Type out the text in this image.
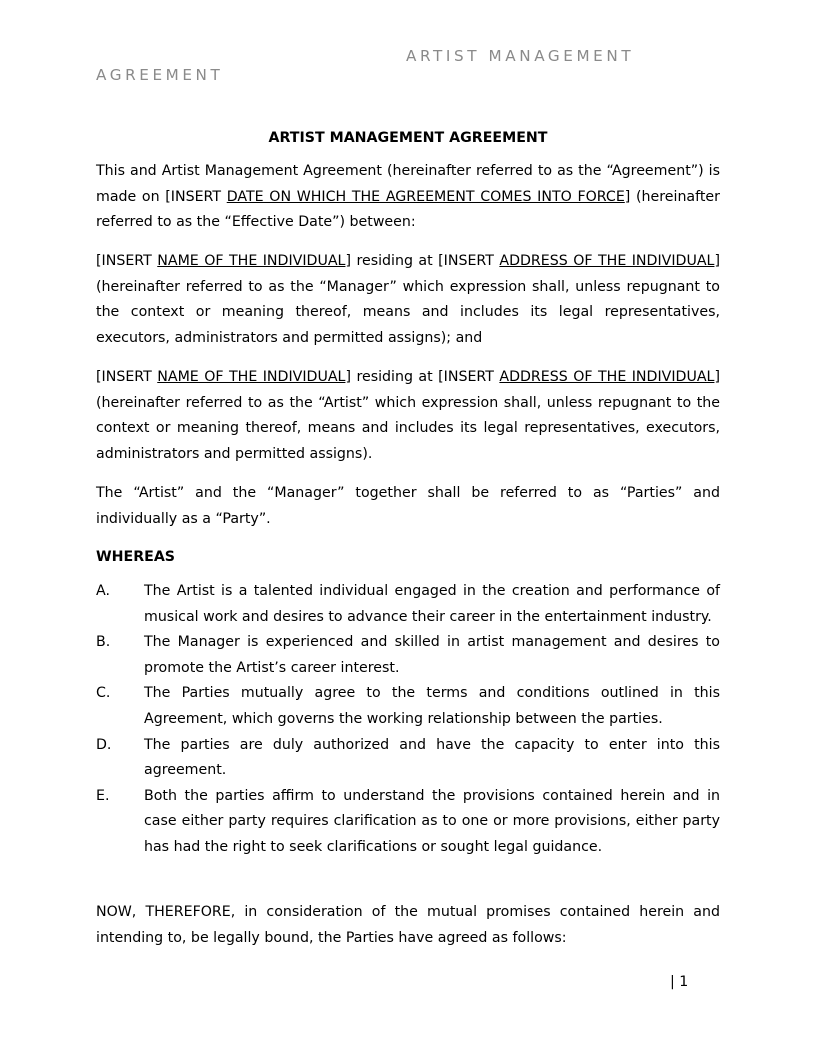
ARTIST MANAGEMENT
AGREEMENT
ARTIST MANAGEMENT AGREEMENT

This and Artist Management Agreement (hereinafter referred to as the “Agreement”) is made on [INSERT DATE ON WHICH THE AGREEMENT COMES INTO FORCE] (hereinafter referred to as the “Effective Date”) between:

[INSERT NAME OF THE INDIVIDUAL] residing at [INSERT ADDRESS OF THE INDIVIDUAL] (hereinafter referred to as the “Manager” which expression shall, unless repugnant to the context or meaning thereof, means and includes its legal representatives, executors, administrators and permitted assigns); and

[INSERT NAME OF THE INDIVIDUAL] residing at [INSERT ADDRESS OF THE INDIVIDUAL] (hereinafter referred to as the “Artist” which expression shall, unless repugnant to the context or meaning thereof, means and includes its legal representatives, executors, administrators and permitted assigns).

The “Artist” and the “Manager” together shall be referred to as “Parties” and individually as a “Party”.

WHEREAS
A.	The Artist is a talented individual engaged in the creation and performance of musical work and desires to advance their career in the entertainment industry.
B.	The Manager is experienced and skilled in artist management and desires to promote the Artist’s career interest.
C.	The Parties mutually agree to the terms and conditions outlined in this Agreement, which governs the working relationship between the parties.
D.	The parties are duly authorized and have the capacity to enter into this agreement.
E.	Both the parties affirm to understand the provisions contained herein and in case either party requires clarification as to one or more provisions, either party has had the right to seek clarifications or sought legal guidance.

NOW, THEREFORE, in consideration of the mutual promises contained herein and intending to, be legally bound, the Parties have agreed as follows:

| 1
